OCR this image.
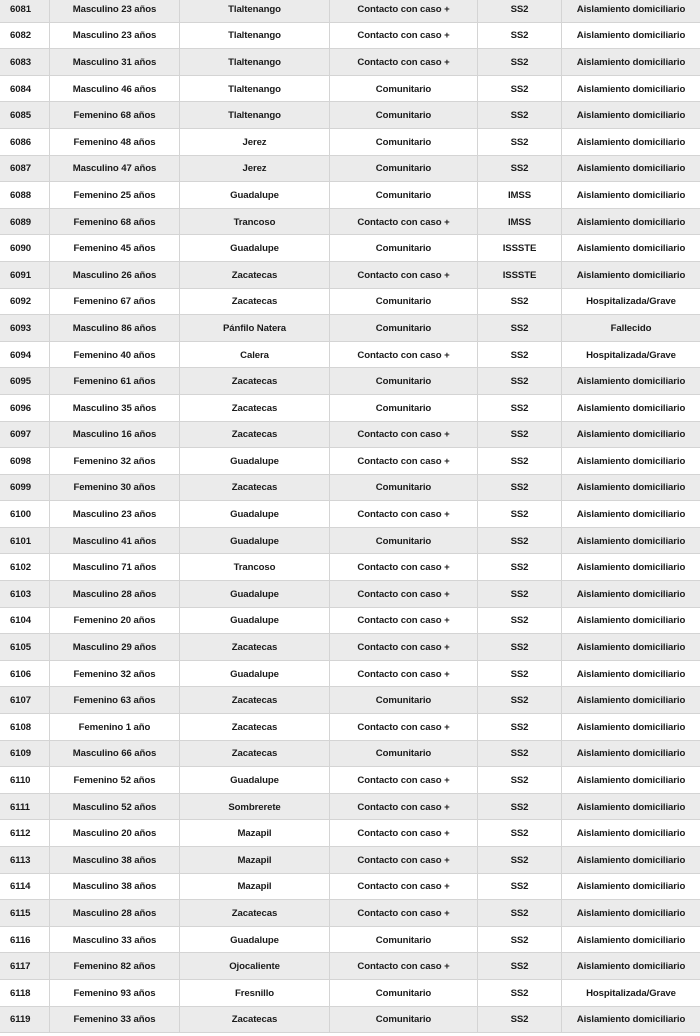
6081	Masculino 23 años	Tlaltenango	Contacto con caso +	SS2	Aislamiento domiciliario
6082	Masculino 23 años	Tlaltenango	Contacto con caso +	SS2	Aislamiento domiciliario
6083	Masculino 31 años	Tlaltenango	Contacto con caso +	SS2	Aislamiento domiciliario
6084	Masculino 46 años	Tlaltenango	Comunitario	SS2	Aislamiento domiciliario
6085	Femenino 68 años	Tlaltenango	Comunitario	SS2	Aislamiento domiciliario
6086	Femenino 48 años	Jerez	Comunitario	SS2	Aislamiento domiciliario
6087	Masculino 47 años	Jerez	Comunitario	SS2	Aislamiento domiciliario
6088	Femenino 25 años	Guadalupe	Comunitario	IMSS	Aislamiento domiciliario
6089	Femenino 68 años	Trancoso	Contacto con caso +	IMSS	Aislamiento domiciliario
6090	Femenino 45 años	Guadalupe	Comunitario	ISSSTE	Aislamiento domiciliario
6091	Masculino 26 años	Zacatecas	Contacto con caso +	ISSSTE	Aislamiento domiciliario
6092	Femenino 67 años	Zacatecas	Comunitario	SS2	Hospitalizada/Grave
6093	Masculino 86 años	Pánfilo Natera	Comunitario	SS2	Fallecido
6094	Femenino 40 años	Calera	Contacto con caso +	SS2	Hospitalizada/Grave
6095	Femenino 61 años	Zacatecas	Comunitario	SS2	Aislamiento domiciliario
6096	Masculino 35 años	Zacatecas	Comunitario	SS2	Aislamiento domiciliario
6097	Masculino 16 años	Zacatecas	Contacto con caso +	SS2	Aislamiento domiciliario
6098	Femenino 32 años	Guadalupe	Contacto con caso +	SS2	Aislamiento domiciliario
6099	Femenino 30 años	Zacatecas	Comunitario	SS2	Aislamiento domiciliario
6100	Masculino 23 años	Guadalupe	Contacto con caso +	SS2	Aislamiento domiciliario
6101	Masculino 41 años	Guadalupe	Comunitario	SS2	Aislamiento domiciliario
6102	Masculino 71 años	Trancoso	Contacto con caso +	SS2	Aislamiento domiciliario
6103	Masculino 28 años	Guadalupe	Contacto con caso +	SS2	Aislamiento domiciliario
6104	Femenino 20 años	Guadalupe	Contacto con caso +	SS2	Aislamiento domiciliario
6105	Masculino 29 años	Zacatecas	Contacto con caso +	SS2	Aislamiento domiciliario
6106	Femenino 32 años	Guadalupe	Contacto con caso +	SS2	Aislamiento domiciliario
6107	Femenino 63 años	Zacatecas	Comunitario	SS2	Aislamiento domiciliario
6108	Femenino 1 año	Zacatecas	Contacto con caso +	SS2	Aislamiento domiciliario
6109	Masculino 66 años	Zacatecas	Comunitario	SS2	Aislamiento domiciliario
6110	Femenino 52 años	Guadalupe	Contacto con caso +	SS2	Aislamiento domiciliario
6111	Masculino 52 años	Sombrerete	Contacto con caso +	SS2	Aislamiento domiciliario
6112	Masculino 20 años	Mazapil	Contacto con caso +	SS2	Aislamiento domiciliario
6113	Masculino 38 años	Mazapil	Contacto con caso +	SS2	Aislamiento domiciliario
6114	Masculino 38 años	Mazapil	Contacto con caso +	SS2	Aislamiento domiciliario
6115	Masculino 28 años	Zacatecas	Contacto con caso +	SS2	Aislamiento domiciliario
6116	Masculino 33 años	Guadalupe	Comunitario	SS2	Aislamiento domiciliario
6117	Femenino 82 años	Ojocaliente	Contacto con caso +	SS2	Aislamiento domiciliario
6118	Femenino 93 años	Fresnillo	Comunitario	SS2	Hospitalizada/Grave
6119	Femenino 33 años	Zacatecas	Comunitario	SS2	Aislamiento domiciliario
